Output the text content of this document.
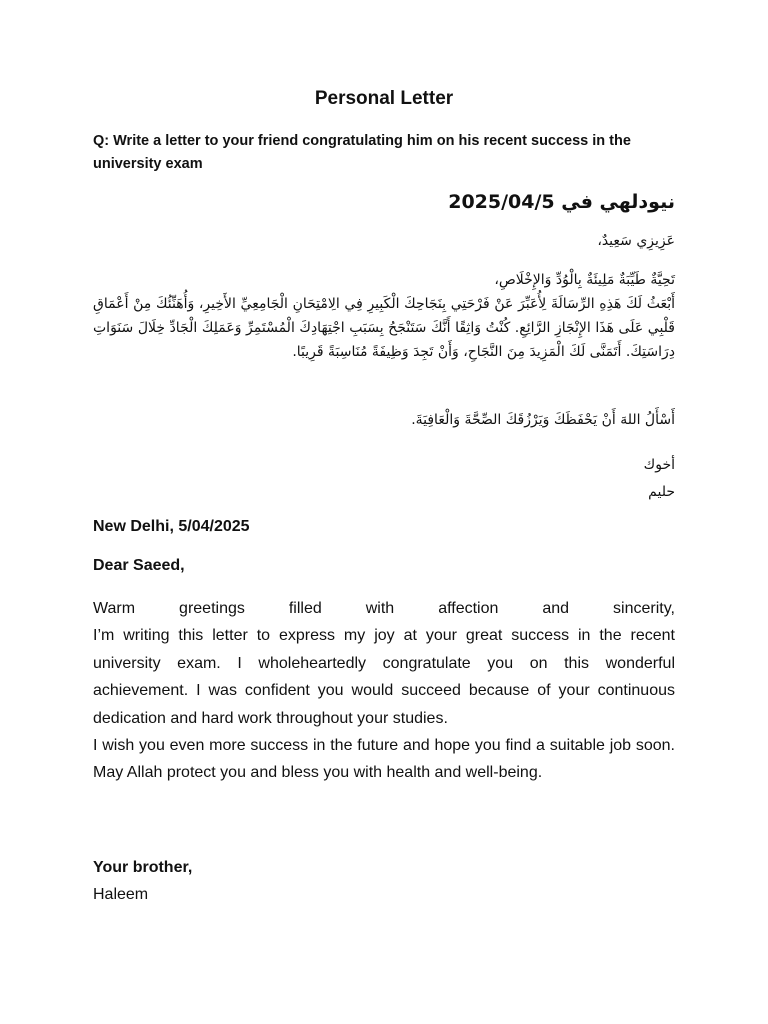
Personal Letter
Q: Write a letter to your friend congratulating him on his recent success in the university exam
نيودلهي في 2025/04/5
عَزِيزِي سَعِيدٌ،

تَحِيَّةٌ طَيِّبَةٌ مَلِيئَةٌ بِالْوُدِّ وَالإِخْلَاصِ،

أَبْعَثُ لَكَ هَذِهِ الرِّسَالَةَ لِأُعَبِّرَ عَنْ فَرْحَتِي بِنَجَاحِكَ الْكَبِيرِ فِي الِامْتِحَانِ الْجَامِعِيِّ الأَخِيرِ، وَأُهَنِّئُكَ مِنْ أَعْمَاقِ قَلْبِي عَلَى هَذَا الإِنْجَازِ الرَّائِعِ. كُنْتُ وَاثِقًا أَنَّكَ سَتَنْجَحُ بِسَبَبِ اجْتِهَادِكَ الْمُسْتَمِرِّ وَعَمَلِكَ الْجَادِّ خِلَالَ سَنَوَاتِ دِرَاسَتِكَ. أَتَمَنَّى لَكَ الْمَزِيدَ مِنَ النَّجَاحِ، وَأَنْ تَجِدَ وَظِيفَةً مُنَاسِبَةً قَرِيبًا.

أَسْأَلُ اللهَ أَنْ يَحْفَظَكَ وَيَرْزُقَكَ الصِّحَّةَ وَالْعَافِيَةَ.
أخوك
حليم
New Delhi, 5/04/2025
Dear Saeed,

Warm greetings filled with affection and sincerity,

I’m writing this letter to express my joy at your great success in the recent university exam. I wholeheartedly congratulate you on this wonderful achievement. I was confident you would succeed because of your continuous dedication and hard work throughout your studies.

I wish you even more success in the future and hope you find a suitable job soon.

May Allah protect you and bless you with health and well-being.

Your brother,
Haleem
